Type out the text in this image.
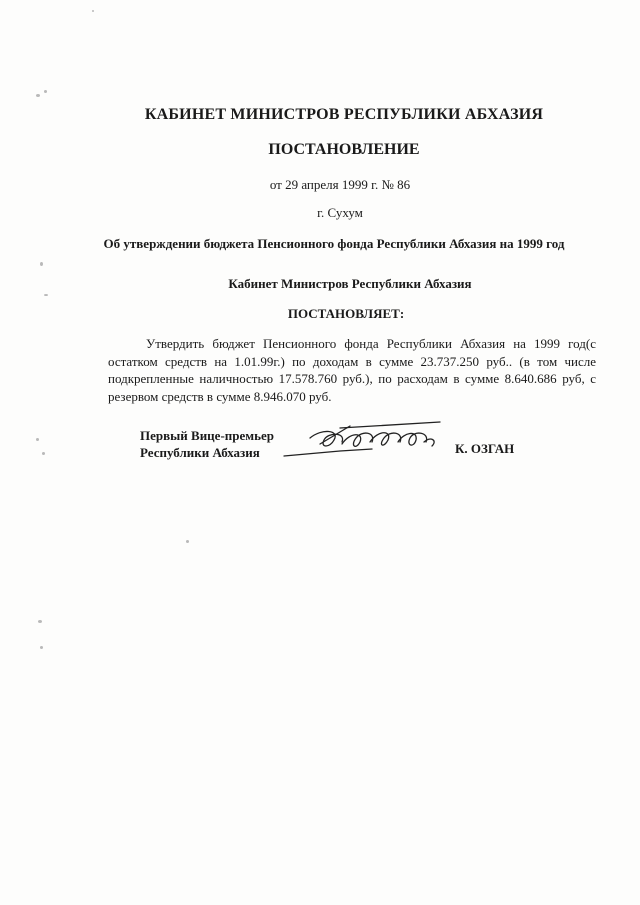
КАБИНЕТ МИНИСТРОВ РЕСПУБЛИКИ АБХАЗИЯ
ПОСТАНОВЛЕНИЕ
от 29 апреля 1999 г. № 86
г. Сухум
Об утверждении бюджета Пенсионного фонда Республики Абхазия на 1999 год
Кабинет Министров Республики Абхазия
ПОСТАНОВЛЯЕТ:
Утвердить бюджет Пенсионного фонда Республики Абхазия на 1999 год(с остатком средств на 1.01.99г.) по доходам в сумме 23.737.250 руб.. (в том числе подкрепленные наличностью 17.578.760 руб.), по расходам в сумме 8.640.686 руб, с резервом средств в сумме 8.946.070 руб.
Первый Вице-премьер
Республики Абхазия	К. ОЗГАН
